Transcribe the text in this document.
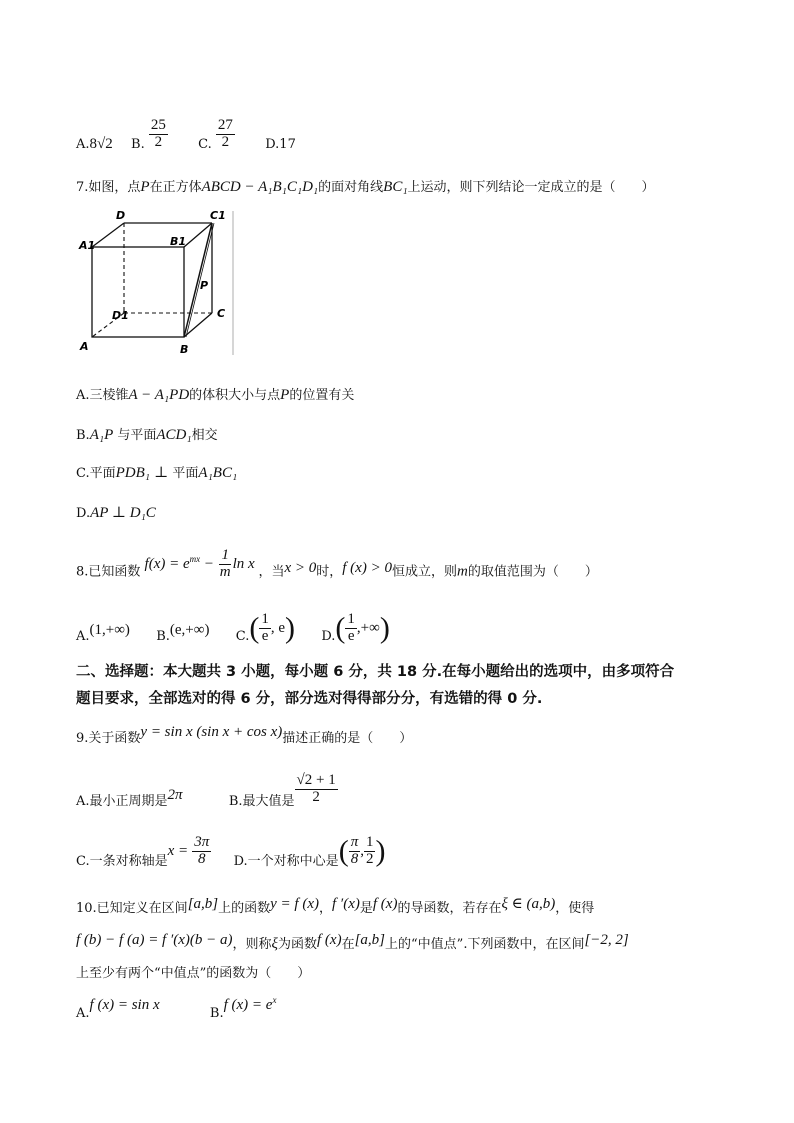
A.8√2 B. $\frac{25}{2} C$. $\frac{27}{2} D.17$
7.如图，点P在正方体ABCD − A₁B₁C₁D₁的面对角线BC₁上运动，则下列结论一定成立的是（　　）
D	C1
A1	B1
P
D1	C
A	B
A.三棱锥A − A₁PD的体积大小与点P的位置有关
B.A₁P 与平面ACD₁相交
C.平面PDB₁ ⊥ 平面A₁BC₁
D.AP ⊥ D₁C
8.已知函数 $f(x) = e^{mx} - \frac{1}{m}$ ln x ，当x > 0时，f (x) > 0恒成立，则m的取值范围为（　　）
A.(1,+∞) B.(e,+∞) $C.( \frac{1}{e}$ , e) $D.( \frac{1}{e}$ ,+∞)
二、选择题：本大题共 3 小题，每小题 6 分，共 18 分.在每小题给出的选项中，由多项符合
题目要求，全部选对的得 6 分，部分选对得得部分分，有选错的得 0 分.
9.关于函数y = sin x (sin x + cos x)描述正确的是（　　）
A.最小正周期是2π	B.最大值是 $\frac{√2 + 1}{2}$
C.一条对称轴是$x = \frac{3\pi}{8} D$.一个对称中心是( $\frac{\pi}{8}$ , $\frac{1}{2}$ )
10.已知定义在区间[a,b]上的函数y = f (x)，f ′(x)是f (x)的导函数，若存在ξ ∈ (a,b)，使得
f (b) − f (a) = f ′(x)(b − a)，则称ξ为函数f (x)在[a,b]上的“中值点”.下列函数中，在区间[−2, 2]
上至少有两个“中值点”的函数为（　　）
A.f (x) = sin x  B.f $(x) = e^x$
